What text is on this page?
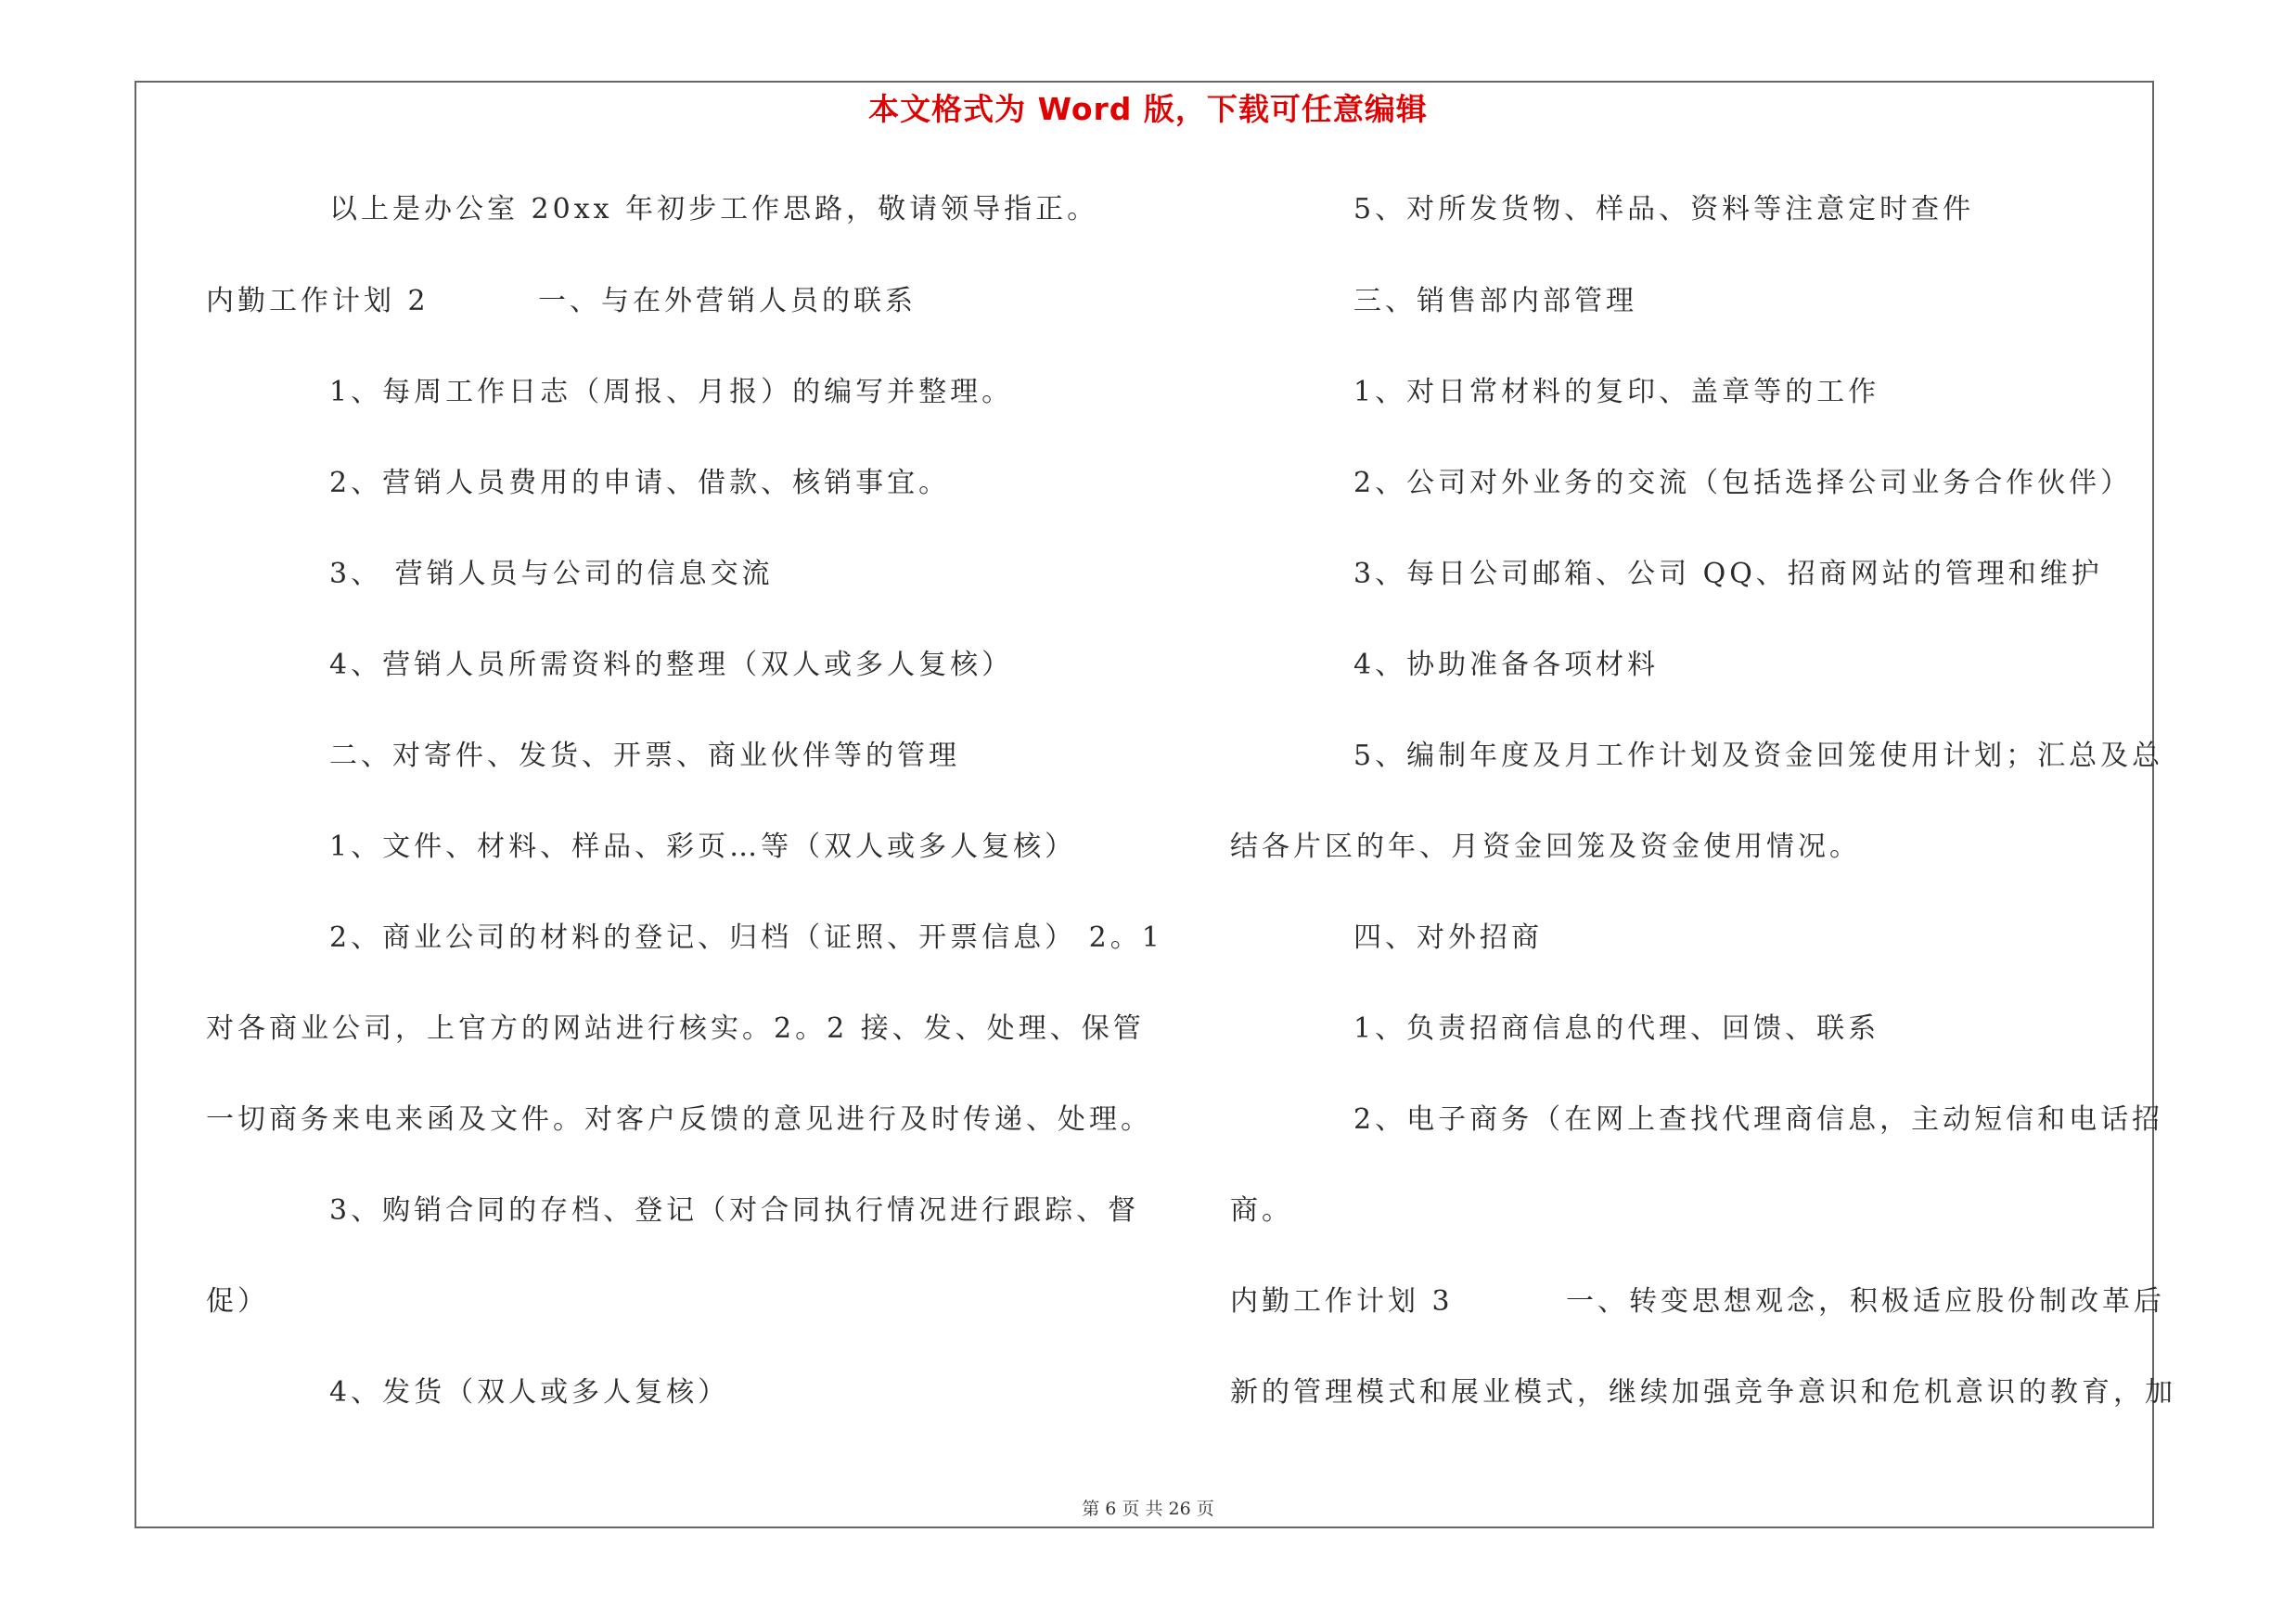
本文格式为 Word 版，下载可任意编辑
以上是办公室 20xx 年初步工作思路，敬请领导指正。
内勤工作计划 2	一、与在外营销人员的联系
1、每周工作日志（周报、月报）的编写并整理。
2、营销人员费用的申请、借款、核销事宜。
3、 营销人员与公司的信息交流
4、营销人员所需资料的整理（双人或多人复核）
二、对寄件、发货、开票、商业伙伴等的管理
1、文件、材料、样品、彩页…等（双人或多人复核）
2、商业公司的材料的登记、归档（证照、开票信息） 2。1
对各商业公司，上官方的网站进行核实。2。2 接、发、处理、保管
一切商务来电来函及文件。对客户反馈的意见进行及时传递、处理。
3、购销合同的存档、登记（对合同执行情况进行跟踪、督
促）
4、发货（双人或多人复核）
5、对所发货物、样品、资料等注意定时查件
三、销售部内部管理
1、对日常材料的复印、盖章等的工作
2、公司对外业务的交流（包括选择公司业务合作伙伴）
3、每日公司邮箱、公司 QQ、招商网站的管理和维护
4、协助准备各项材料
5、编制年度及月工作计划及资金回笼使用计划；汇总及总
结各片区的年、月资金回笼及资金使用情况。
四、对外招商
1、负责招商信息的代理、回馈、联系
2、电子商务（在网上查找代理商信息，主动短信和电话招
商。
内勤工作计划 3	一、转变思想观念，积极适应股份制改革后
新的管理模式和展业模式，继续加强竞争意识和危机意识的教育，加
第 6 页 共 26 页
